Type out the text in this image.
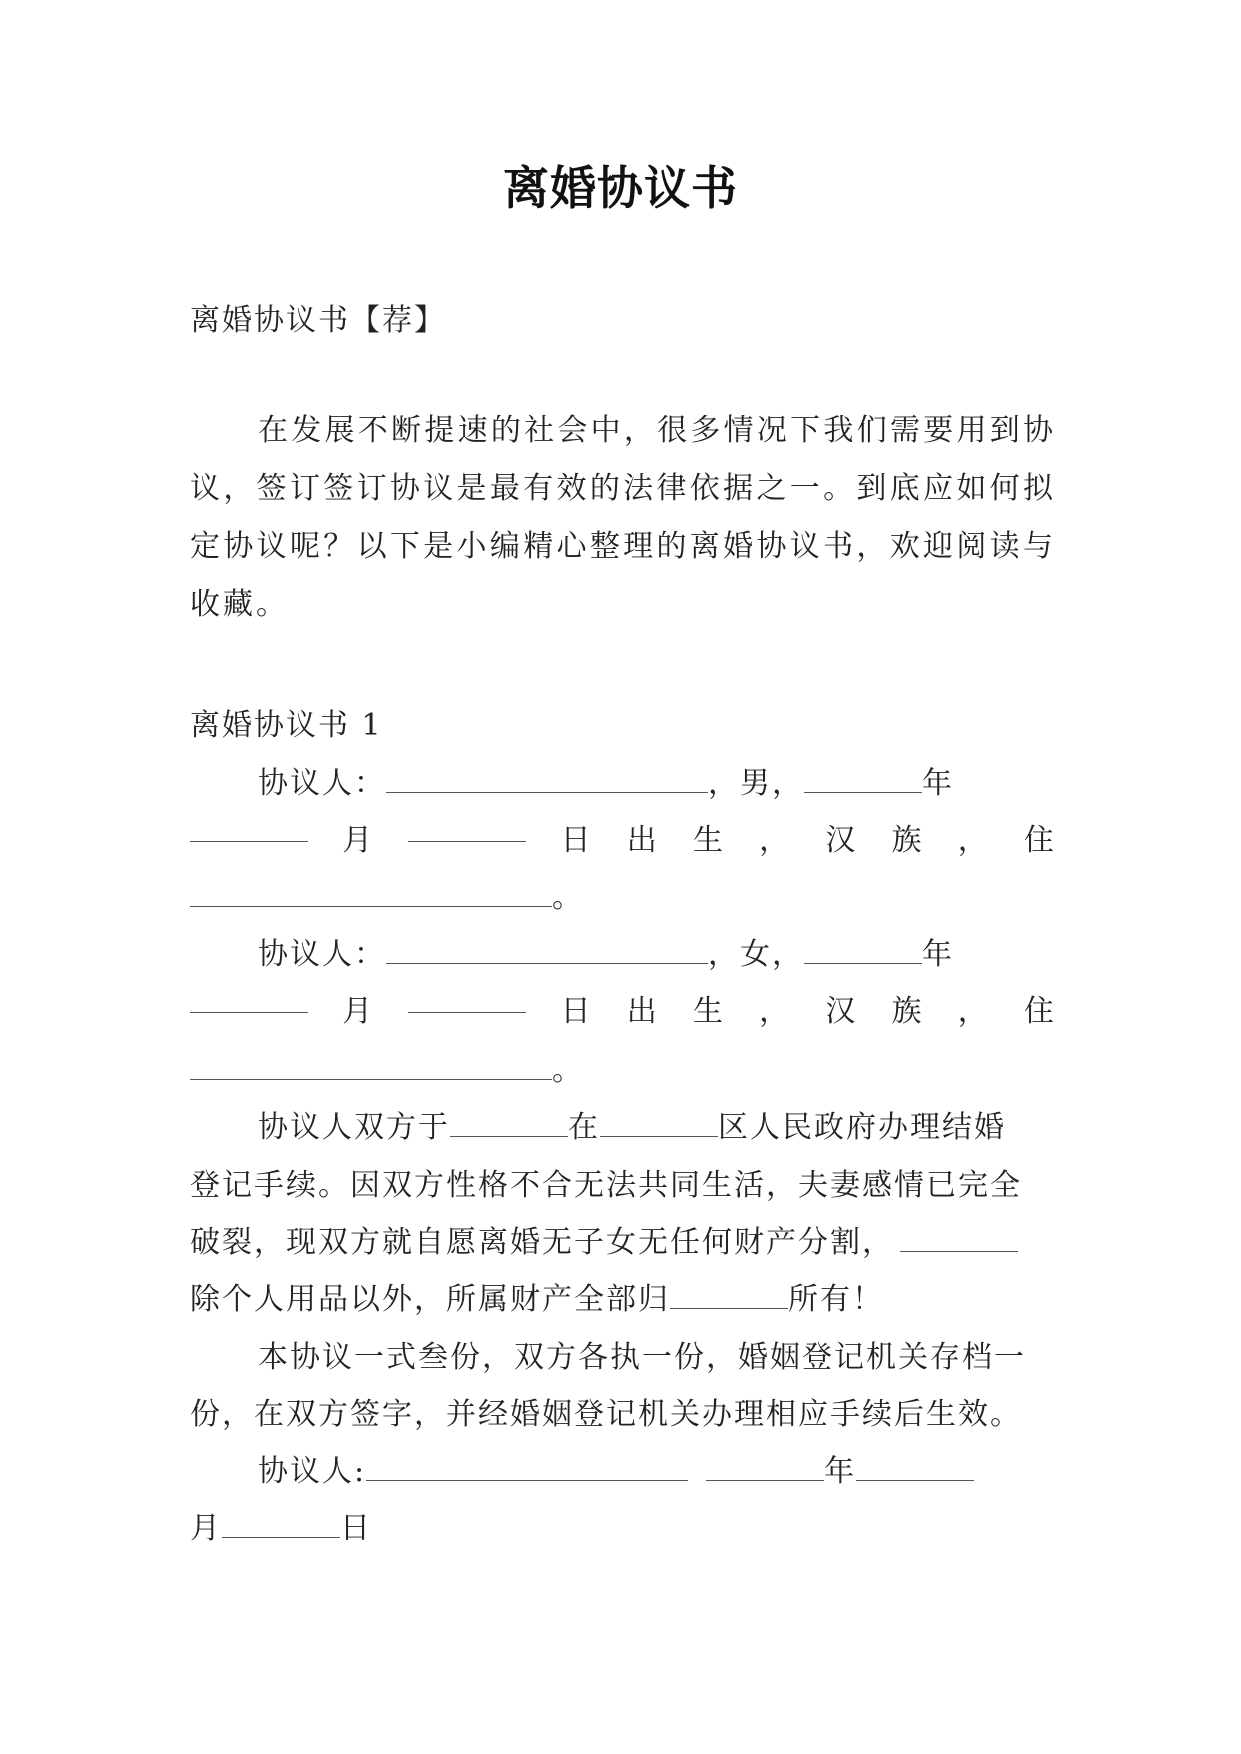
离婚协议书
离婚协议书【荐】
在发展不断提速的社会中，很多情况下我们需要用到协议，签订签订协议是最有效的法律依据之一。到底应如何拟定协议呢？以下是小编精心整理的离婚协议书，欢迎阅读与收藏。
离婚协议书 1
协议人：	，男，	年
月	日 出 生 ， 汉 族 ， 住
。
协议人：	，女，	年
月	日 出 生 ， 汉 族 ， 住
。
协议人双方于	在	区人民政府办理结婚
登记手续。因双方性格不合无法共同生活，夫妻感情已完全
破裂，现双方就自愿离婚无子女无任何财产分割，
除个人用品以外，所属财产全部归	所有！
本协议一式叁份，双方各执一份，婚姻登记机关存档一
份，在双方签字，并经婚姻登记机关办理相应手续后生效。
协议人:	年
月	日
